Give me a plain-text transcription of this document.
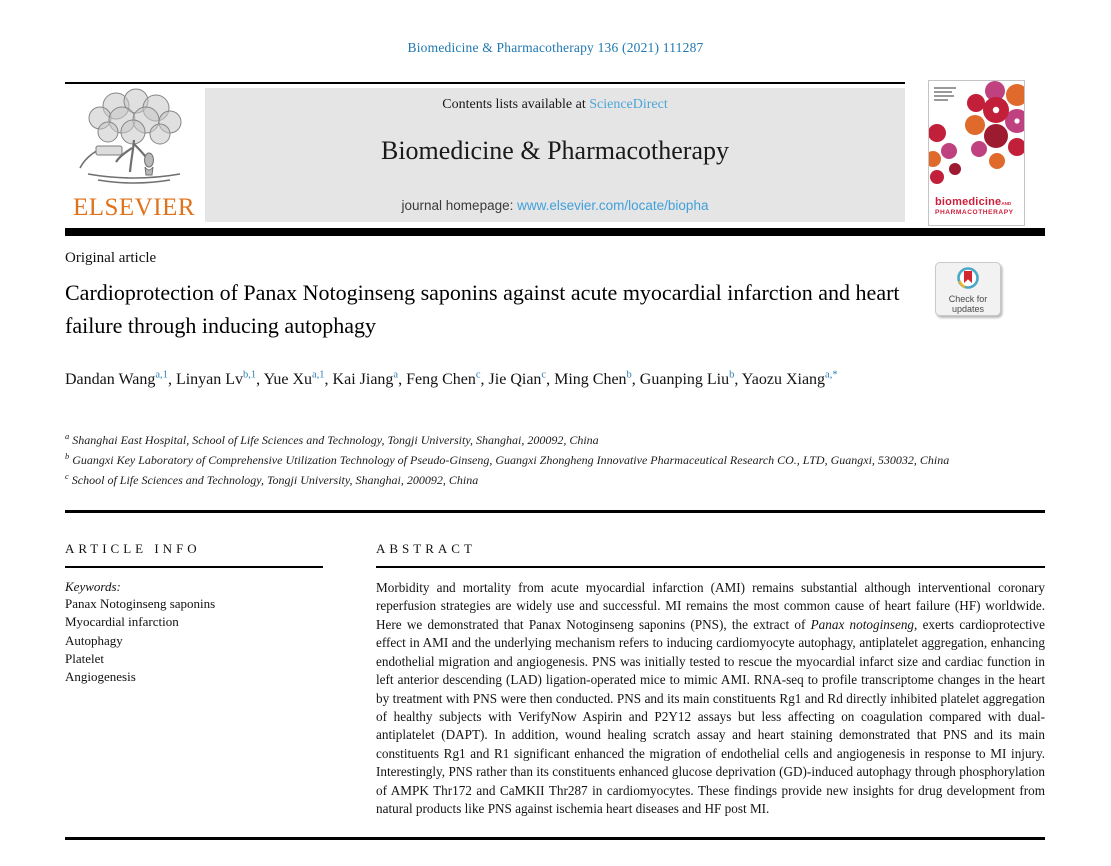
Biomedicine & Pharmacotherapy 136 (2021) 111287
ELSEVIER
Contents lists available at ScienceDirect
Biomedicine & Pharmacotherapy
journal homepage: www.elsevier.com/locate/biopha	biomedicineAND
PHARMACOTHERAPY
Original article
Cardioprotection of Panax Notoginseng saponins against acute myocardial infarction and heart failure through inducing autophagy
Check for
updates
Dandan Wang$^{a,1}$, Linyan Lv$^{b,1}$, Yue Xu$^{a,1}$, Kai Jiang$^a$, Feng Chen$^c$, Jie Qian$^c$, Ming Chen$^b$, Guanping Liu$^b$, Yaozu Xiang$^{a,*}$
$^a$ Shanghai East Hospital, School of Life Sciences and Technology, Tongji University, Shanghai, 200092, China
$^b$ Guangxi Key Laboratory of Comprehensive Utilization Technology of Pseudo-Ginseng, Guangxi Zhongheng Innovative Pharmaceutical Research CO., LTD, Guangxi, 530032, China
$^c$ School of Life Sciences and Technology, Tongji University, Shanghai, 200092, China
ARTICLE INFO
Keywords:
Panax Notoginseng saponins
Myocardial infarction
Autophagy
Platelet
Angiogenesis
ABSTRACT
Morbidity and mortality from acute myocardial infarction (AMI) remains substantial although interventional coronary reperfusion strategies are widely use and successful. MI remains the most common cause of heart failure (HF) worldwide. Here we demonstrated that Panax Notoginseng saponins (PNS), the extract of Panax notoginseng, exerts cardioprotective effect in AMI and the underlying mechanism refers to inducing cardiomyocyte autophagy, antiplatelet aggregation, enhancing endothelial migration and angiogenesis. PNS was initially tested to rescue the myocardial infarct size and cardiac function in left anterior descending (LAD) ligation-operated mice to mimic AMI. RNA-seq to profile transcriptome changes in the heart by treatment with PNS were then conducted. PNS and its main constituents Rg1 and Rd directly inhibited platelet aggregation of healthy subjects with VerifyNow Aspirin and P2Y12 assays but less affecting on coagulation compared with dual-antiplatelet (DAPT). In addition, wound healing scratch assay and heart staining demonstrated that PNS and its main constituents Rg1 and R1 significant enhanced the migration of endothelial cells and angiogenesis in response to MI injury. Interestingly, PNS rather than its constituents enhanced glucose deprivation (GD)-induced autophagy through phosphorylation of AMPK Thr172 and CaMKII Thr287 in cardiomyocytes. These findings provide new insights for drug development from natural products like PNS against ischemia heart diseases and HF post MI.
